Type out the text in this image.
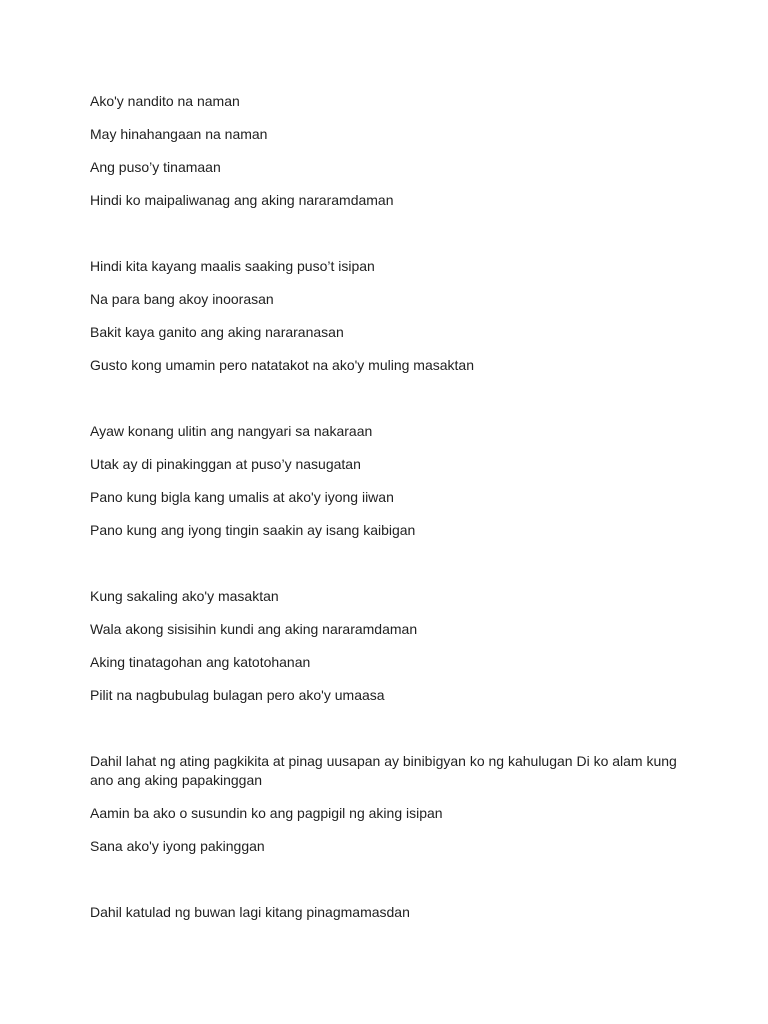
Ako'y nandito na naman
May hinahangaan na naman
Ang puso’y tinamaan
Hindi ko maipaliwanag ang aking nararamdaman
Hindi kita kayang maalis saaking puso’t isipan
Na para bang akoy inoorasan
Bakit kaya ganito ang aking nararanasan
Gusto kong umamin pero natatakot na ako'y muling masaktan
Ayaw konang ulitin ang nangyari sa nakaraan
Utak ay di pinakinggan at puso’y nasugatan
Pano kung bigla kang umalis at ako'y iyong iiwan
Pano kung ang iyong tingin saakin ay isang kaibigan
Kung sakaling ako'y masaktan
Wala akong sisisihin kundi ang aking nararamdaman
Aking tinatagohan ang katotohanan
Pilit na nagbubulag bulagan pero ako'y umaasa
Dahil lahat ng ating pagkikita at pinag uusapan ay binibigyan ko ng kahulugan Di ko alam kung ano ang aking papakinggan
Aamin ba ako o susundin ko ang pagpigil ng aking isipan
Sana ako'y iyong pakinggan
Dahil katulad ng buwan lagi kitang pinagmamasdan
